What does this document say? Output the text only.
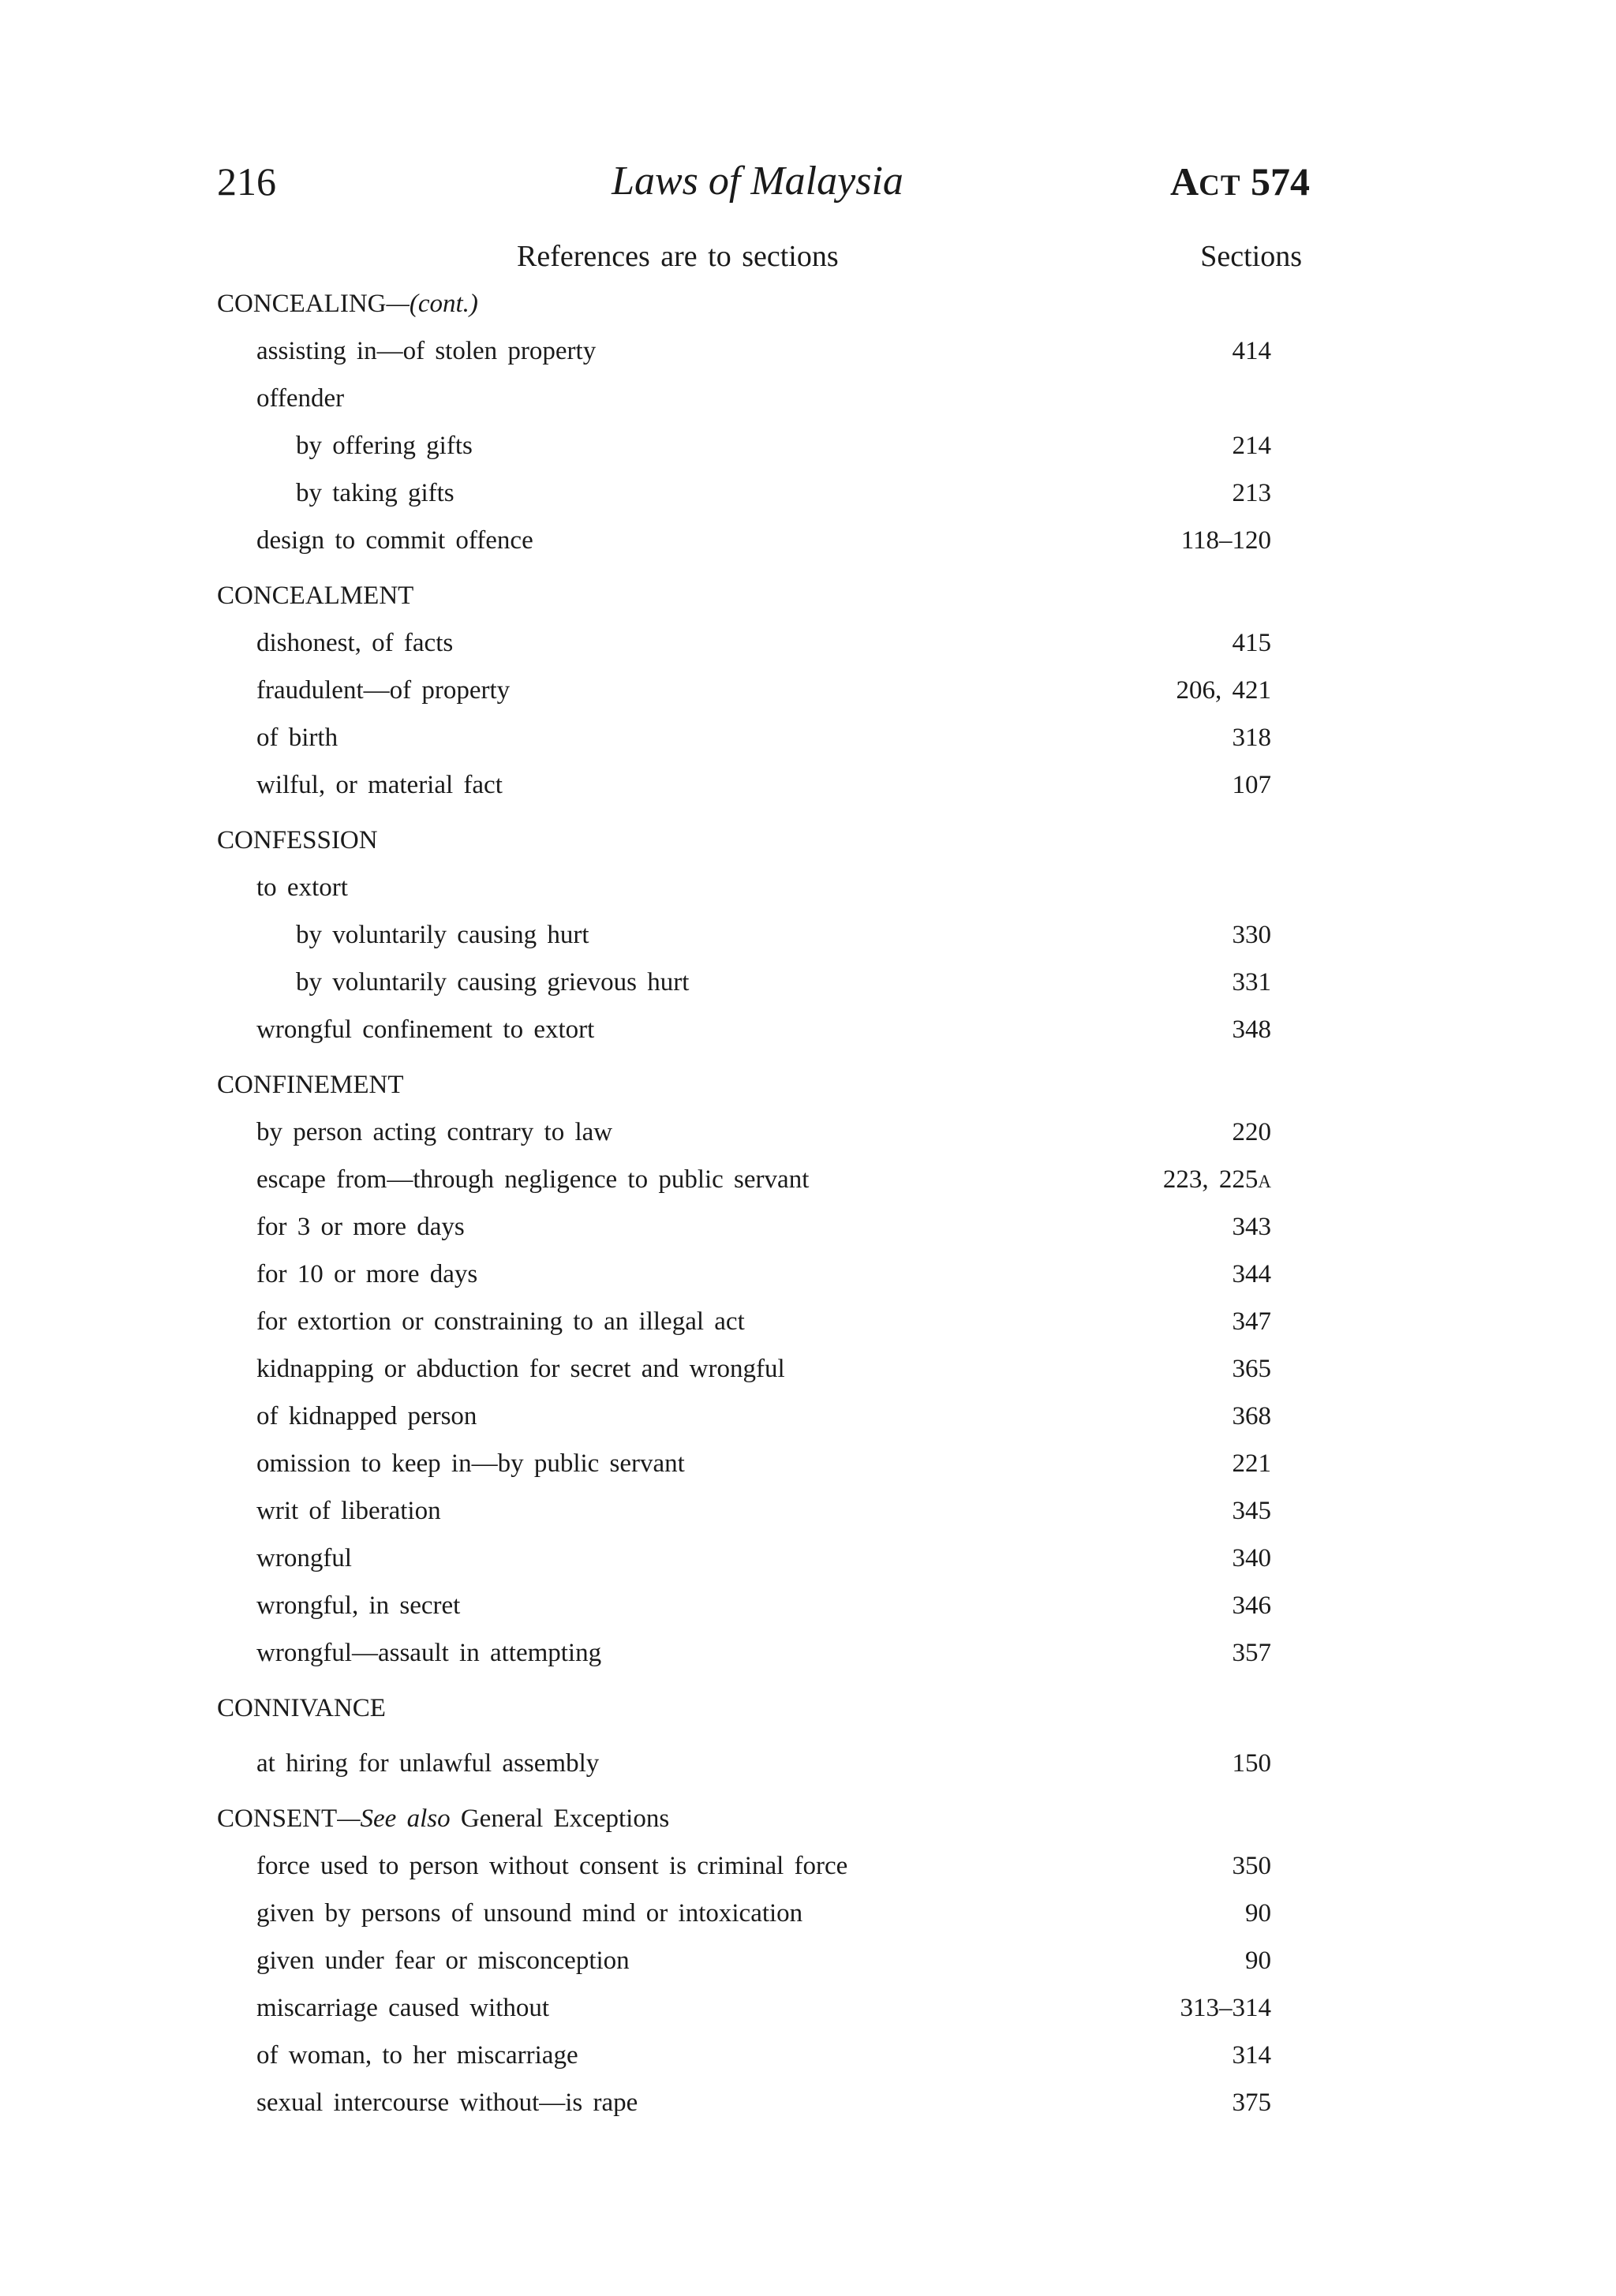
216	Laws of Malaysia	ACT 574
References are to sections	Sections
CONCEALING—(cont.)
assisting in—of stolen property	414
offender
by offering gifts	214
by taking gifts	213
design to commit offence	118–120
CONCEALMENT
dishonest, of facts	415
fraudulent—of property	206, 421
of birth	318
wilful, or material fact	107
CONFESSION
to extort
by voluntarily causing hurt	330
by voluntarily causing grievous hurt	331
wrongful confinement to extort	348
CONFINEMENT
by person acting contrary to law	220
escape from—through negligence to public servant	223, 225A
for 3 or more days	343
for 10 or more days	344
for extortion or constraining to an illegal act	347
kidnapping or abduction for secret and wrongful	365
of kidnapped person	368
omission to keep in—by public servant	221
writ of liberation	345
wrongful	340
wrongful, in secret	346
wrongful—assault in attempting	357
CONNIVANCE
at hiring for unlawful assembly	150
CONSENT—See also General Exceptions
force used to person without consent is criminal force	350
given by persons of unsound mind or intoxication	90
given under fear or misconception	90
miscarriage caused without	313–314
of woman, to her miscarriage	314
sexual intercourse without—is rape	375
